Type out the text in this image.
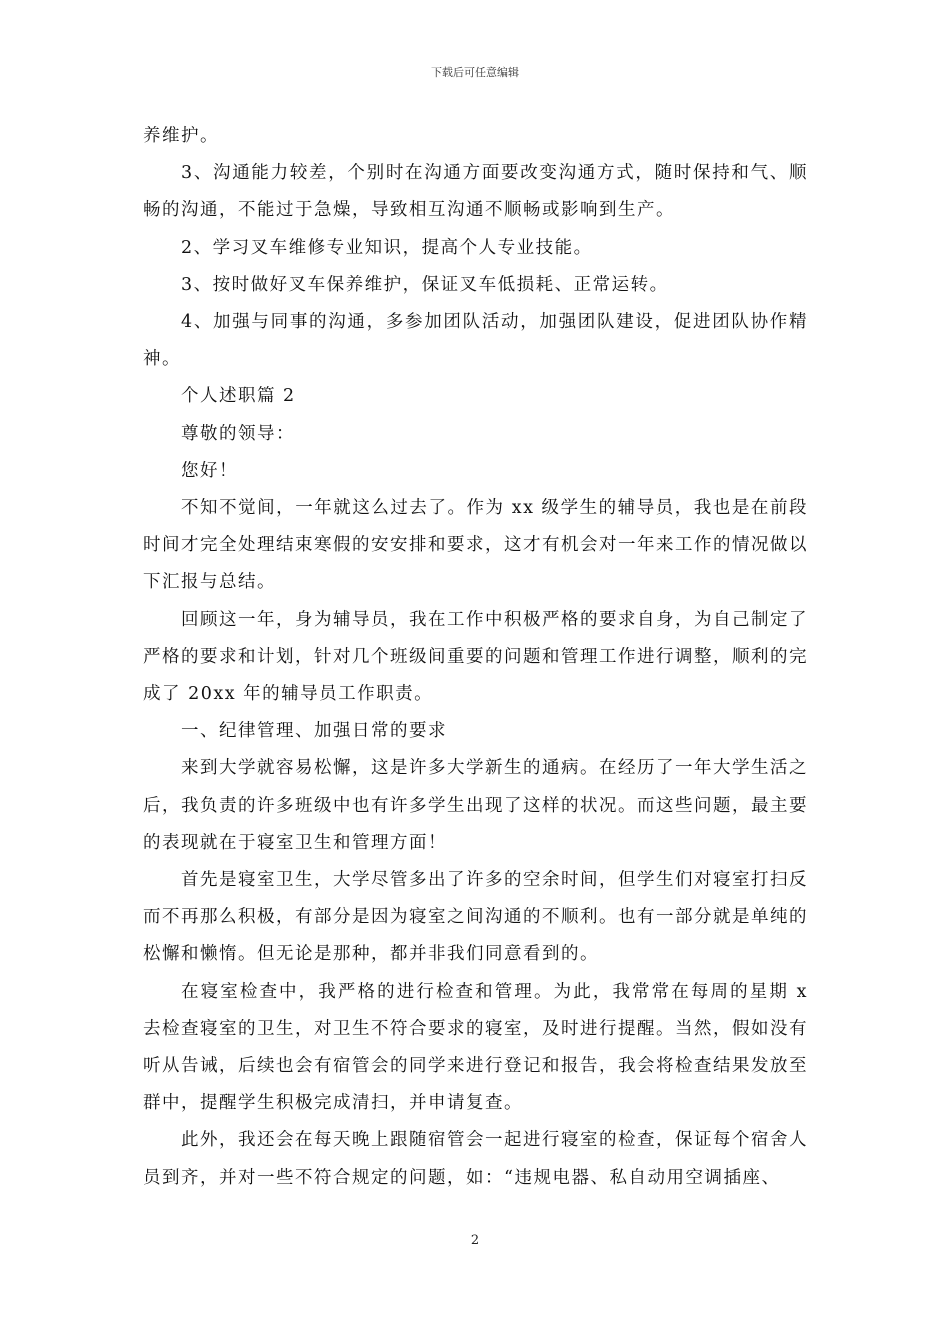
下载后可任意编辑

养维护。

3、沟通能力较差，个别时在沟通方面要改变沟通方式，随时保持和气、顺畅的沟通，不能过于急燥，导致相互沟通不顺畅或影响到生产。

2、学习叉车维修专业知识，提高个人专业技能。

3、按时做好叉车保养维护，保证叉车低损耗、正常运转。

4、加强与同事的沟通，多参加团队活动，加强团队建设，促进团队协作精神。

个人述职篇 2

尊敬的领导：

您好！

不知不觉间，一年就这么过去了。作为 xx 级学生的辅导员，我也是在前段时间才完全处理结束寒假的安安排和要求，这才有机会对一年来工作的情况做以下汇报与总结。

回顾这一年，身为辅导员，我在工作中积极严格的要求自身，为自己制定了严格的要求和计划，针对几个班级间重要的问题和管理工作进行调整，顺利的完成了 20xx 年的辅导员工作职责。

一、纪律管理、加强日常的要求

来到大学就容易松懈，这是许多大学新生的通病。在经历了一年大学生活之后，我负责的许多班级中也有许多学生出现了这样的状况。而这些问题，最主要的表现就在于寝室卫生和管理方面！

首先是寝室卫生，大学尽管多出了许多的空余时间，但学生们对寝室打扫反而不再那么积极，有部分是因为寝室之间沟通的不顺利。也有一部分就是单纯的松懈和懒惰。但无论是那种，都并非我们同意看到的。

在寝室检查中，我严格的进行检查和管理。为此，我常常在每周的星期 x 去检查寝室的卫生，对卫生不符合要求的寝室，及时进行提醒。当然，假如没有听从告诫，后续也会有宿管会的同学来进行登记和报告，我会将检查结果发放至群中，提醒学生积极完成清扫，并申请复查。

此外，我还会在每天晚上跟随宿管会一起进行寝室的检查，保证每个宿舍人员到齐，并对一些不符合规定的问题，如：“违规电器、私自动用空调插座、

2
